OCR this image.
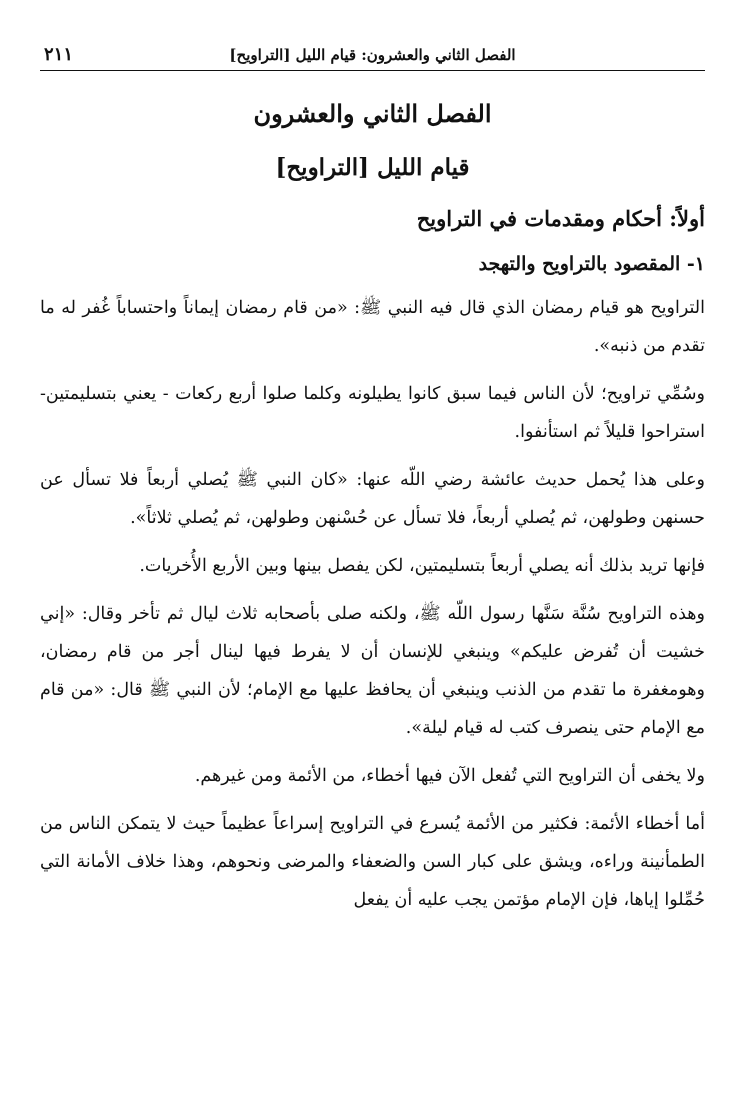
الفصل الثاني والعشرون: قيام الليل [التراويح]
٢١١
الفصل الثاني والعشرون
قيام الليل [التراويح]
أولاً: أحكام ومقدمات في التراويح
١- المقصود بالتراويح والتهجد

التراويح هو قيام رمضان الذي قال فيه النبي ﷺ: «من قام رمضان إيماناً واحتساباً غُفر له ما تقدم من ذنبه».

وسُمِّي تراويح؛ لأن الناس فيما سبق كانوا يطيلونه وكلما صلوا أربع ركعات - يعني بتسليمتين- استراحوا قليلاً ثم استأنفوا.

وعلى هذا يُحمل حديث عائشة رضي اللّه عنها: «كان النبي ﷺ يُصلي أربعاً فلا تسأل عن حسنهن وطولهن، ثم يُصلي أربعاً، فلا تسأل عن حُسْنهن وطولهن، ثم يُصلي ثلاثاً».

فإنها تريد بذلك أنه يصلي أربعاً بتسليمتين، لكن يفصل بينها وبين الأربع الأُخريات.

وهذه التراويح سُنَّة سَنَّها رسول اللّه ﷺ، ولكنه صلى بأصحابه ثلاث ليال ثم تأخر وقال: «إني خشيت أن تُفرض عليكم» وينبغي للإنسان أن لا يفرط فيها لينال أجر من قام رمضان، وهومغفرة ما تقدم من الذنب وينبغي أن يحافظ عليها مع الإمام؛ لأن النبي ﷺ قال: «من قام مع الإمام حتى ينصرف كتب له قيام ليلة».

ولا يخفى أن التراويح التي تُفعل الآن فيها أخطاء، من الأئمة ومن غيرهم.

أما أخطاء الأئمة: فكثير من الأئمة يُسرع في التراويح إسراعاً عظيماً حيث لا يتمكن الناس من الطمأنينة وراءه، ويشق على كبار السن والضعفاء والمرضى ونحوهم، وهذا خلاف الأمانة التي حُمِّلوا إياها، فإن الإمام مؤتمن يجب عليه أن يفعل
